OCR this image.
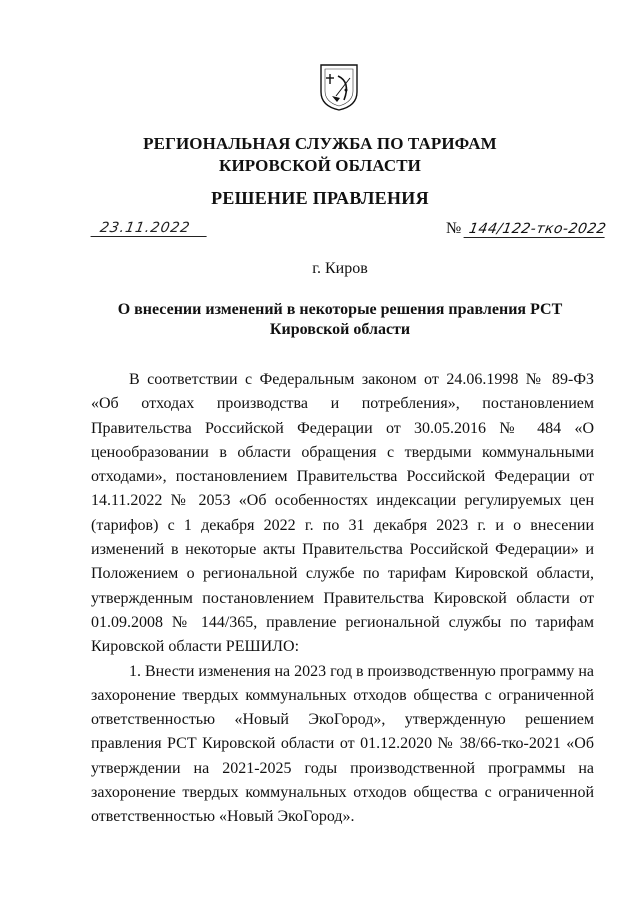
РЕГИОНАЛЬНАЯ СЛУЖБА ПО ТАРИФАМ
КИРОВСКОЙ ОБЛАСТИ
РЕШЕНИЕ ПРАВЛЕНИЯ
23.11.2022	№ 144/122-тко-2022
г. Киров
О внесении изменений в некоторые решения правления РСТ
Кировской области

В соответствии с Федеральным законом от 24.06.1998 № 89-ФЗ «Об отходах производства и потребления», постановлением Правительства Российской Федерации от 30.05.2016 № 484 «О ценообразовании в области обращения с твердыми коммунальными отходами», постановлением Правительства Российской Федерации от 14.11.2022 № 2053 «Об особенностях индексации регулируемых цен (тарифов) с 1 декабря 2022 г. по 31 декабря 2023 г. и о внесении изменений в некоторые акты Правительства Российской Федерации» и Положением о региональной службе по тарифам Кировской области, утвержденным постановлением Правительства Кировской области от 01.09.2008 № 144/365, правление региональной службы по тарифам Кировской области РЕШИЛО:

1. Внести изменения на 2023 год в производственную программу на захоронение твердых коммунальных отходов общества с ограниченной ответственностью «Новый ЭкоГород», утвержденную решением правления РСТ Кировской области от 01.12.2020 № 38/66-тко-2021 «Об утверждении на 2021-2025 годы производственной программы на захоронение твердых коммунальных отходов общества с ограниченной ответственностью «Новый ЭкоГород».
